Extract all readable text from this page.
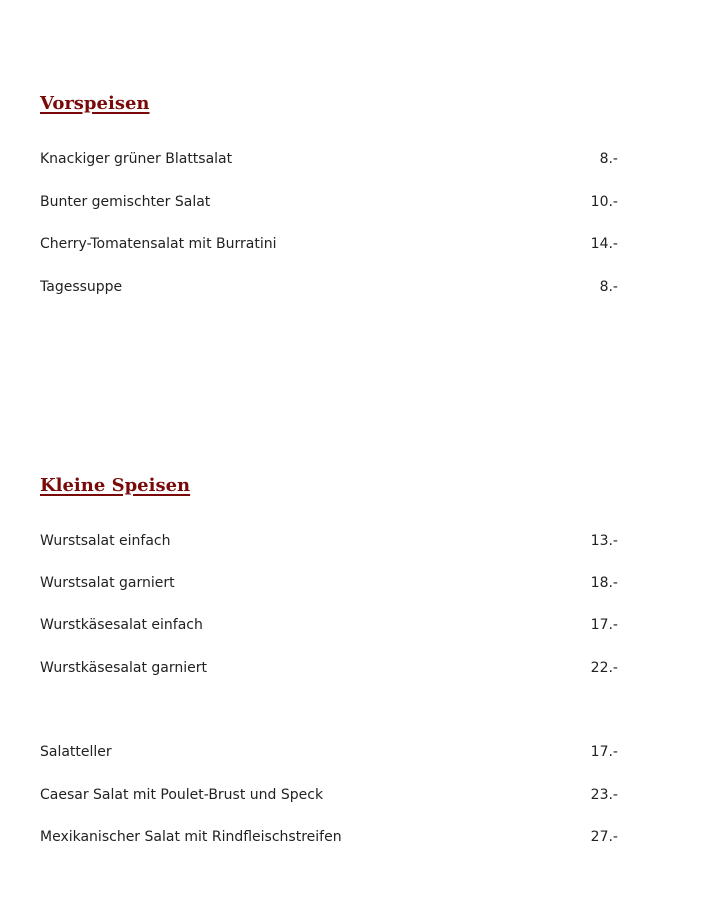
Vorspeisen
Knackiger grüner Blattsalat	8.-
Bunter gemischter Salat	10.-
Cherry-Tomatensalat mit Burratini	14.-
Tagessuppe	8.-
Kleine Speisen
Wurstsalat einfach	13.-
Wurstsalat garniert	18.-
Wurstkäsesalat einfach	17.-
Wurstkäsesalat garniert	22.-
Salatteller	17.-
Caesar Salat mit Poulet-Brust und Speck	23.-
Mexikanischer Salat mit Rindfleischstreifen	27.-
